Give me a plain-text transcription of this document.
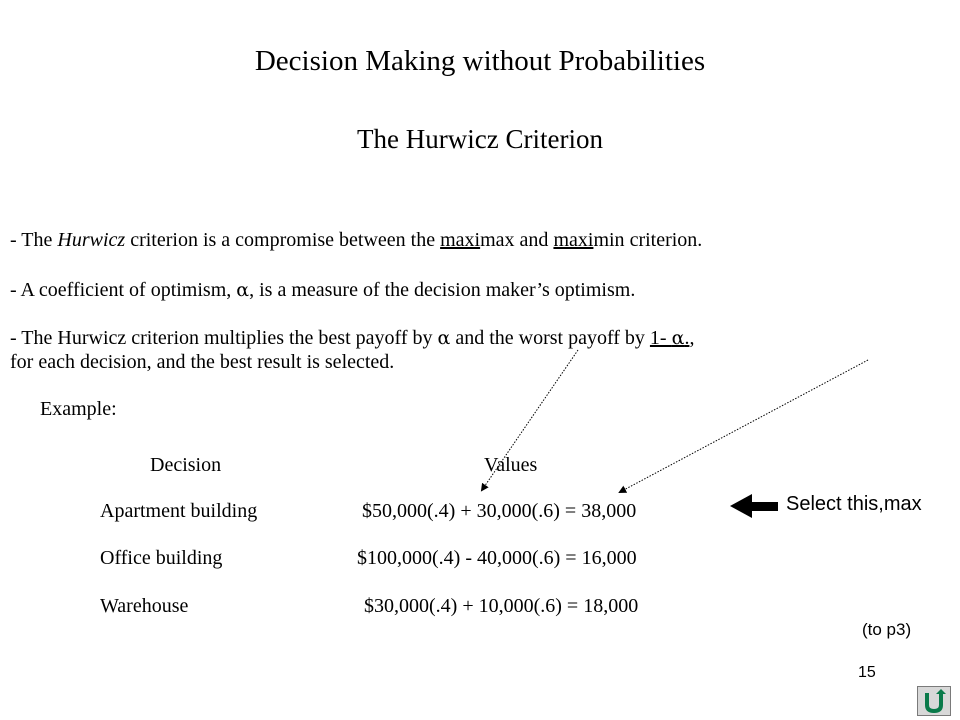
Decision Making without Probabilities
The Hurwicz Criterion
- The Hurwicz criterion is a compromise between the maximax and maximin criterion.
- A coefficient of optimism, α, is a measure of the decision maker’s optimism.
- The Hurwicz criterion multiplies the best payoff by α and the worst payoff by 1- α.,
for each decision, and the best result is selected.
Example:
Decision	Values
Apartment building	$50,000(.4) + 30,000(.6) = 38,000
Office building	$100,000(.4) - 40,000(.6) = 16,000
Warehouse	$30,000(.4) + 10,000(.6) = 18,000
Select this,max
(to p3)
15
